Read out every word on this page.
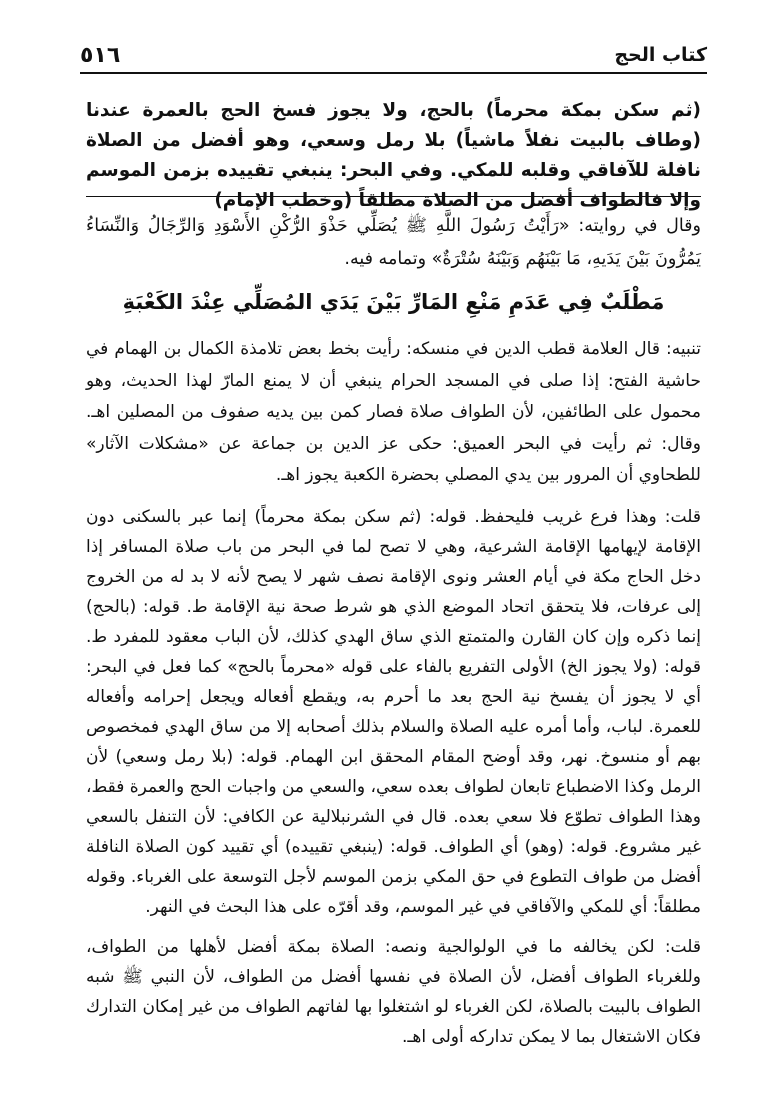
كتاب الحج
٥١٦

(ثم سكن بمكة محرماً) بالحج، ولا يجوز فسخ الحج بالعمرة عندنا (وطاف بالبيت نفلاً ماشياً) بلا رمل وسعي، وهو أفضل من الصلاة نافلة للآفاقي وقلبه للمكي. وفي البحر: ينبغي تقييده بزمن الموسم وإلا فالطواف أفضل من الصلاة مطلقاً (وخطب الإمام)

وقال في روايته: «رَأَيْتُ رَسُولَ اللَّهِ ﷺ يُصَلِّي حَذْوَ الرُّكْنِ الأَسْوَدِ وَالرِّجَالُ وَالنِّسَاءُ يَمُرُّونَ بَيْنَ يَدَيهِ، مَا بَيْنَهُم وَبَيْنَهُ سُتْرَةٌ» وتمامه فيه.

مَطْلَبٌ فِي عَدَمِ مَنْعِ المَارِّ بَيْنَ يَدَي المُصَلِّي عِنْدَ الكَعْبَةِ

تنبيه: قال العلامة قطب الدين في منسكه: رأيت بخط بعض تلامذة الكمال بن الهمام في حاشية الفتح: إذا صلى في المسجد الحرام ينبغي أن لا يمنع المارّ لهذا الحديث، وهو محمول على الطائفين، لأن الطواف صلاة فصار كمن بين يديه صفوف من المصلين اهـ. وقال: ثم رأيت في البحر العميق: حكى عز الدين بن جماعة عن «مشكلات الآثار» للطحاوي أن المرور بين يدي المصلي بحضرة الكعبة يجوز اهـ.

قلت: وهذا فرع غريب فليحفظ. قوله: (ثم سكن بمكة محرماً) إنما عبر بالسكنى دون الإقامة لإيهامها الإقامة الشرعية، وهي لا تصح لما في البحر من باب صلاة المسافر إذا دخل الحاج مكة في أيام العشر ونوى الإقامة نصف شهر لا يصح لأنه لا بد له من الخروج إلى عرفات، فلا يتحقق اتحاد الموضع الذي هو شرط صحة نية الإقامة ط. قوله: (بالحج) إنما ذكره وإن كان القارن والمتمتع الذي ساق الهدي كذلك، لأن الباب معقود للمفرد ط. قوله: (ولا يجوز الخ) الأولى التفريع بالفاء على قوله «محرماً بالحج» كما فعل في البحر: أي لا يجوز أن يفسخ نية الحج بعد ما أحرم به، ويقطع أفعاله ويجعل إحرامه وأفعاله للعمرة. لباب، وأما أمره عليه الصلاة والسلام بذلك أصحابه إلا من ساق الهدي فمخصوص بهم أو منسوخ. نهر، وقد أوضح المقام المحقق ابن الهمام. قوله: (بلا رمل وسعي) لأن الرمل وكذا الاضطباع تابعان لطواف بعده سعي، والسعي من واجبات الحج والعمرة فقط، وهذا الطواف تطوّع فلا سعي بعده. قال في الشرنبلالية عن الكافي: لأن التنفل بالسعي غير مشروع. قوله: (وهو) أي الطواف. قوله: (ينبغي تقييده) أي تقييد كون الصلاة النافلة أفضل من طواف التطوع في حق المكي بزمن الموسم لأجل التوسعة على الغرباء. وقوله مطلقاً: أي للمكي والآفاقي في غير الموسم، وقد أقرّه على هذا البحث في النهر.

قلت: لكن يخالفه ما في الولوالجية ونصه: الصلاة بمكة أفضل لأهلها من الطواف، وللغرباء الطواف أفضل، لأن الصلاة في نفسها أفضل من الطواف، لأن النبي ﷺ شبه الطواف بالبيت بالصلاة، لكن الغرباء لو اشتغلوا بها لفاتهم الطواف من غير إمكان التدارك فكان الاشتغال بما لا يمكن تداركه أولى اهـ.
